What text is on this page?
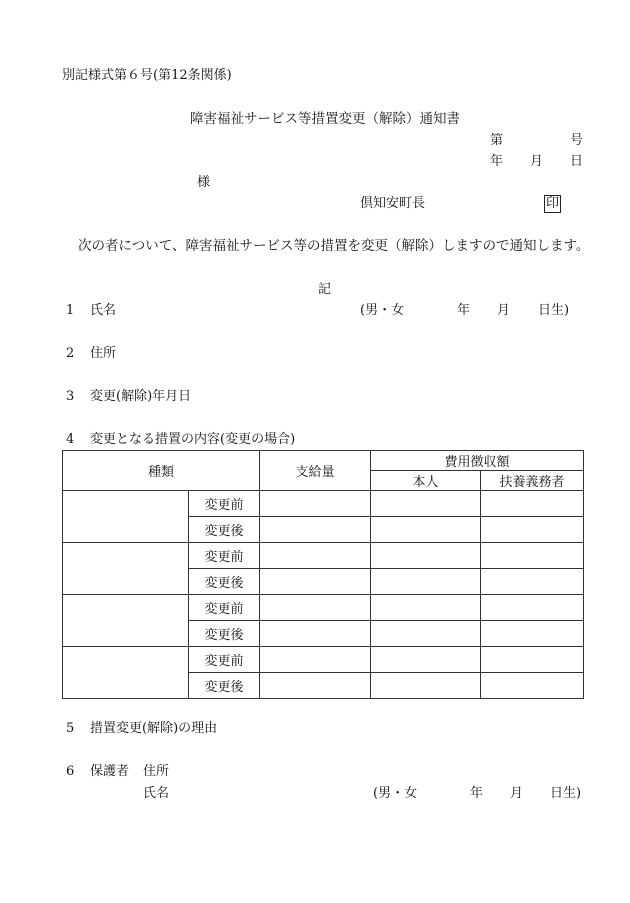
別記様式第６号(第12条関係)
障害福祉サービス等措置変更（解除）通知書
第	号
年 月 日
様
倶知安町長	印
次の者について、障害福祉サービス等の措置を変更（解除）しますので通知します。
記
1 氏名	(男・女	年 月 日生)
2 住所
3 変更(解除)年月日
4 変更となる措置の内容(変更の場合)
種類		支給量	費用徴収額	
			本人	扶養義務者
	変更前			
	変更後			
	変更前			
	変更後			
	変更前			
	変更後			
	変更前			
	変更後			
5 措置変更(解除)の理由
6 保護者 住所
氏名	(男・女	年 月 日生)
